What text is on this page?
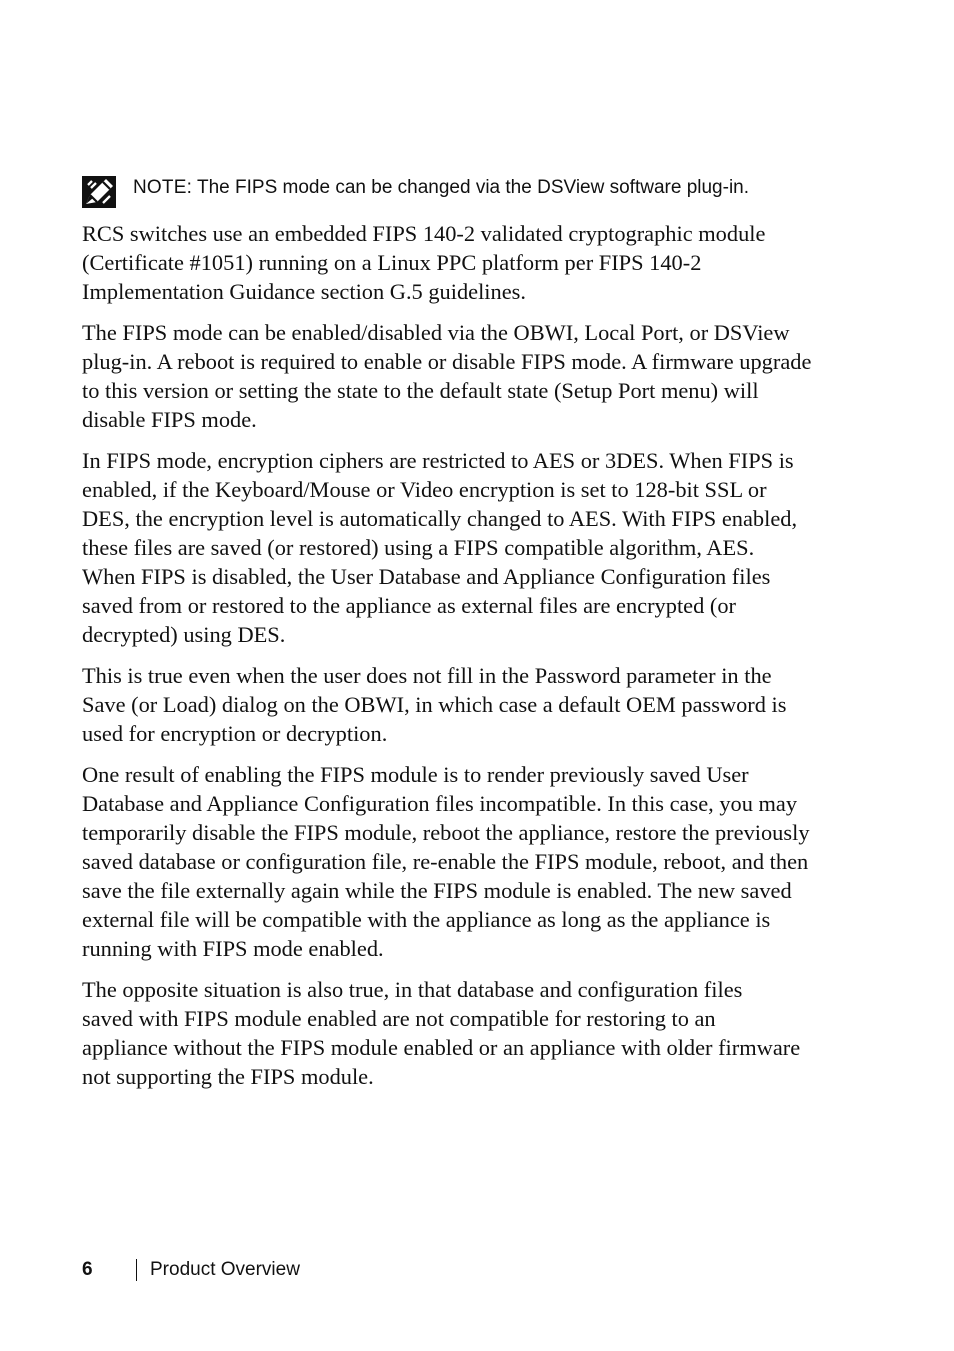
NOTE: The FIPS mode can be changed via the DSView software plug-in.

RCS switches use an embedded FIPS 140-2 validated cryptographic module
(Certificate #1051) running on a Linux PPC platform per FIPS 140-2
Implementation Guidance section G.5 guidelines.

The FIPS mode can be enabled/disabled via the OBWI, Local Port, or DSView
plug-in. A reboot is required to enable or disable FIPS mode. A firmware upgrade
to this version or setting the state to the default state (Setup Port menu) will
disable FIPS mode.

In FIPS mode, encryption ciphers are restricted to AES or 3DES. When FIPS is
enabled, if the Keyboard/Mouse or Video encryption is set to 128-bit SSL or
DES, the encryption level is automatically changed to AES. With FIPS enabled,
these files are saved (or restored) using a FIPS compatible algorithm, AES.
When FIPS is disabled, the User Database and Appliance Configuration files
saved from or restored to the appliance as external files are encrypted (or
decrypted) using DES.

This is true even when the user does not fill in the Password parameter in the
Save (or Load) dialog on the OBWI, in which case a default OEM password is
used for encryption or decryption.

One result of enabling the FIPS module is to render previously saved User
Database and Appliance Configuration files incompatible. In this case, you may
temporarily disable the FIPS module, reboot the appliance, restore the previously
saved database or configuration file, re-enable the FIPS module, reboot, and then
save the file externally again while the FIPS module is enabled. The new saved
external file will be compatible with the appliance as long as the appliance is
running with FIPS mode enabled.

The opposite situation is also true, in that database and configuration files
saved with FIPS module enabled are not compatible for restoring to an
appliance without the FIPS module enabled or an appliance with older firmware
not supporting the FIPS module.

6	Product Overview
